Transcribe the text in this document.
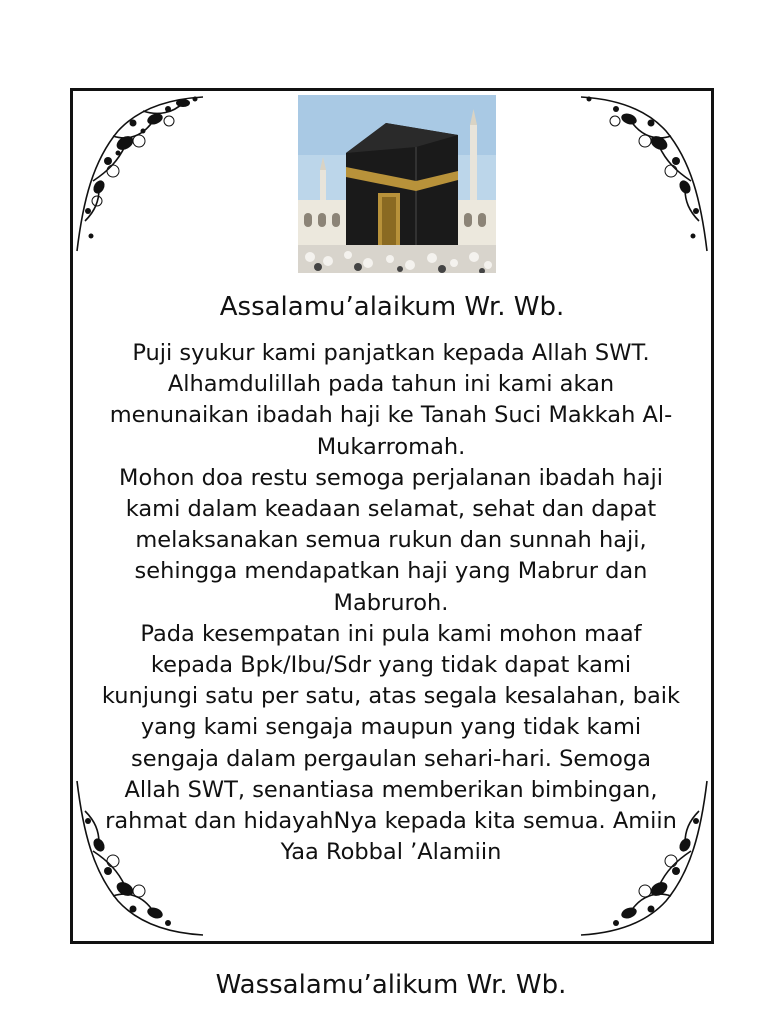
Assalamu’alaikum Wr. Wb.

Puji syukur kami panjatkan kepada Allah SWT.

Alhamdulillah pada tahun ini kami akan menunaikan ibadah haji ke Tanah Suci Makkah Al-Mukarromah.

Mohon doa restu semoga perjalanan ibadah haji kami dalam keadaan selamat, sehat dan dapat melaksanakan semua rukun dan sunnah haji, sehingga mendapatkan haji yang Mabrur dan Mabruroh.

Pada kesempatan ini pula kami mohon maaf kepada Bpk/Ibu/Sdr yang tidak dapat kami kunjungi satu per satu, atas segala kesalahan, baik yang kami sengaja maupun yang tidak kami sengaja dalam pergaulan sehari-hari. Semoga Allah SWT, senantiasa memberikan bimbingan, rahmat dan hidayahNya kepada kita semua. Amiin Yaa Robbal ’Alamiin

Wassalamu’alikum Wr. Wb.
